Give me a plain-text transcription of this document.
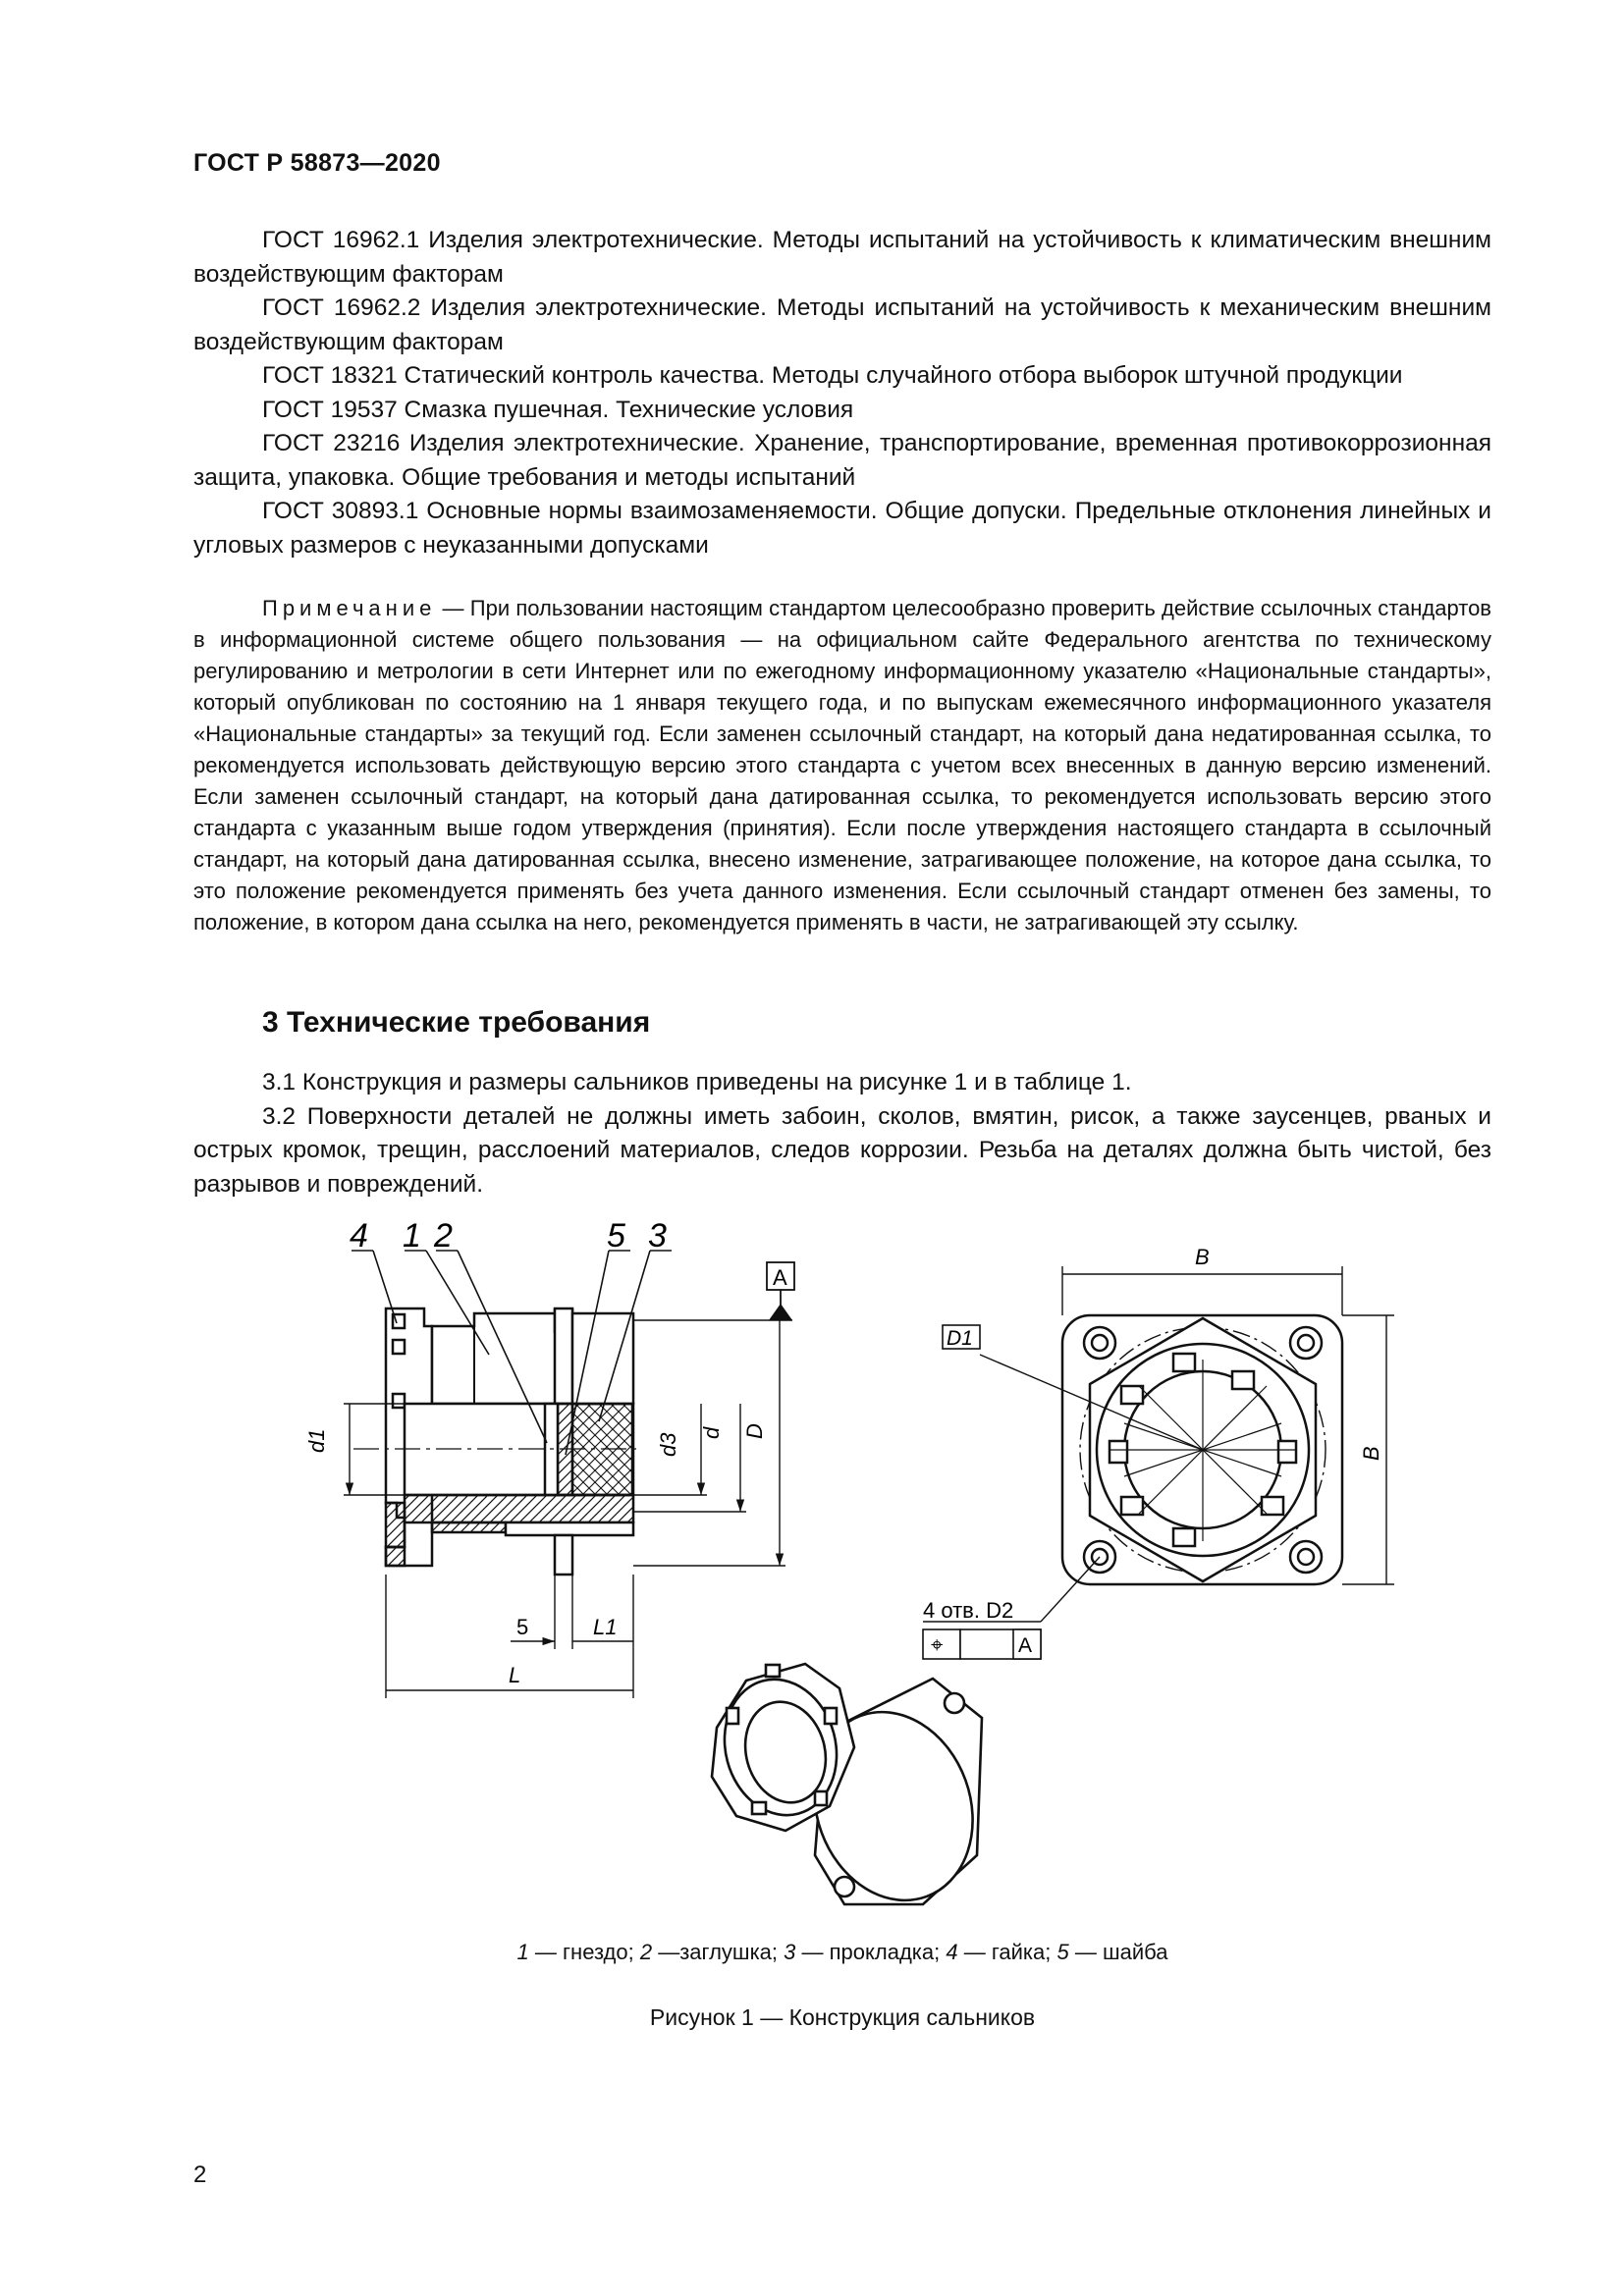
ГОСТ Р 58873—2020

ГОСТ 16962.1 Изделия электротехнические. Методы испытаний на устойчивость к климатическим внешним воздействующим факторам

ГОСТ 16962.2 Изделия электротехнические. Методы испытаний на устойчивость к механическим внешним воздействующим факторам

ГОСТ 18321 Статический контроль качества. Методы случайного отбора выборок штучной продукции

ГОСТ 19537 Смазка пушечная. Технические условия

ГОСТ 23216 Изделия электротехнические. Хранение, транспортирование, временная противокоррозионная защита, упаковка. Общие требования и методы испытаний

ГОСТ 30893.1 Основные нормы взаимозаменяемости. Общие допуски. Предельные отклонения линейных и угловых размеров с неуказанными допусками

Примечание — При пользовании настоящим стандартом целесообразно проверить действие ссылочных стандартов в информационной системе общего пользования — на официальном сайте Федерального агентства по техническому регулированию и метрологии в сети Интернет или по ежегодному информационному указателю «Национальные стандарты», который опубликован по состоянию на 1 января текущего года, и по выпускам ежемесячного информационного указателя «Национальные стандарты» за текущий год. Если заменен ссылочный стандарт, на который дана недатированная ссылка, то рекомендуется использовать действующую версию этого стандарта с учетом всех внесенных в данную версию изменений. Если заменен ссылочный стандарт, на который дана датированная ссылка, то рекомендуется использовать версию этого стандарта с указанным выше годом утверждения (принятия). Если после утверждения настоящего стандарта в ссылочный стандарт, на который дана датированная ссылка, внесено изменение, затрагивающее положение, на которое дана ссылка, то это положение рекомендуется применять без учета данного изменения. Если ссылочный стандарт отменен без замены, то положение, в котором дана ссылка на него, рекомендуется применять в части, не затрагивающей эту ссылку.
3 Технические требования

3.1 Конструкция и размеры сальников приведены на рисунке 1 и в таблице 1.

3.2 Поверхности деталей не должны иметь забоин, сколов, вмятин, рисок, а также заусенцев, рваных и острых кромок, трещин, расслоений материалов, следов коррозии. Резьба на деталях должна быть чистой, без разрывов и повреждений.

4 1 2	5 3
A
d1	d3 d D
5	L1
L
B
B
D1
4 отв. D2
⌖	A
1 — гнездо; 2 —заглушка; 3 — прокладка; 4 — гайка; 5 — шайба
Рисунок 1 — Конструкция сальников
2
